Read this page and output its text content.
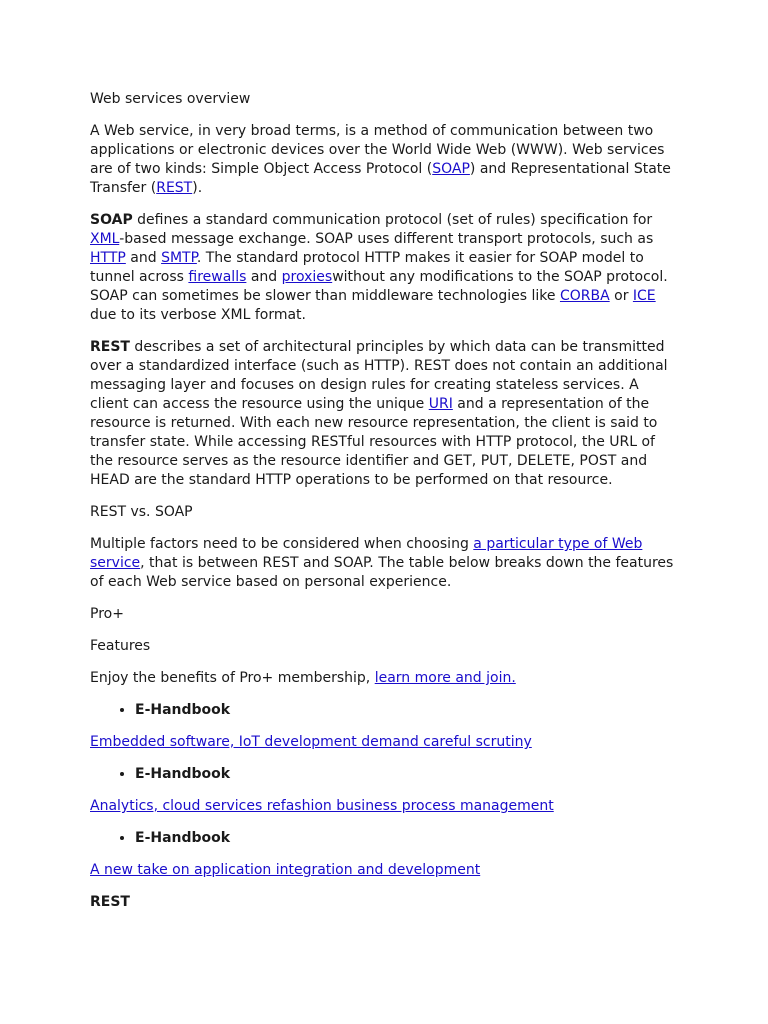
Web services overview

A Web service, in very broad terms, is a method of communication between two applications or electronic devices over the World Wide Web (WWW). Web services are of two kinds: Simple Object Access Protocol (SOAP) and Representational State Transfer (REST).

SOAP defines a standard communication protocol (set of rules) specification for XML-based message exchange. SOAP uses different transport protocols, such as HTTP and SMTP. The standard protocol HTTP makes it easier for SOAP model to tunnel across firewalls and proxieswithout any modifications to the SOAP protocol. SOAP can sometimes be slower than middleware technologies like CORBA or ICE due to its verbose XML format.

REST describes a set of architectural principles by which data can be transmitted over a standardized interface (such as HTTP). REST does not contain an additional messaging layer and focuses on design rules for creating stateless services. A client can access the resource using the unique URI and a representation of the resource is returned. With each new resource representation, the client is said to transfer state. While accessing RESTful resources with HTTP protocol, the URL of the resource serves as the resource identifier and GET, PUT, DELETE, POST and HEAD are the standard HTTP operations to be performed on that resource.

REST vs. SOAP

Multiple factors need to be considered when choosing a particular type of Web service, that is between REST and SOAP. The table below breaks down the features of each Web service based on personal experience.

Pro+

Features

Enjoy the benefits of Pro+ membership, learn more and join.

• E-Handbook

Embedded software, IoT development demand careful scrutiny

• E-Handbook

Analytics, cloud services refashion business process management

• E-Handbook

A new take on application integration and development

REST
